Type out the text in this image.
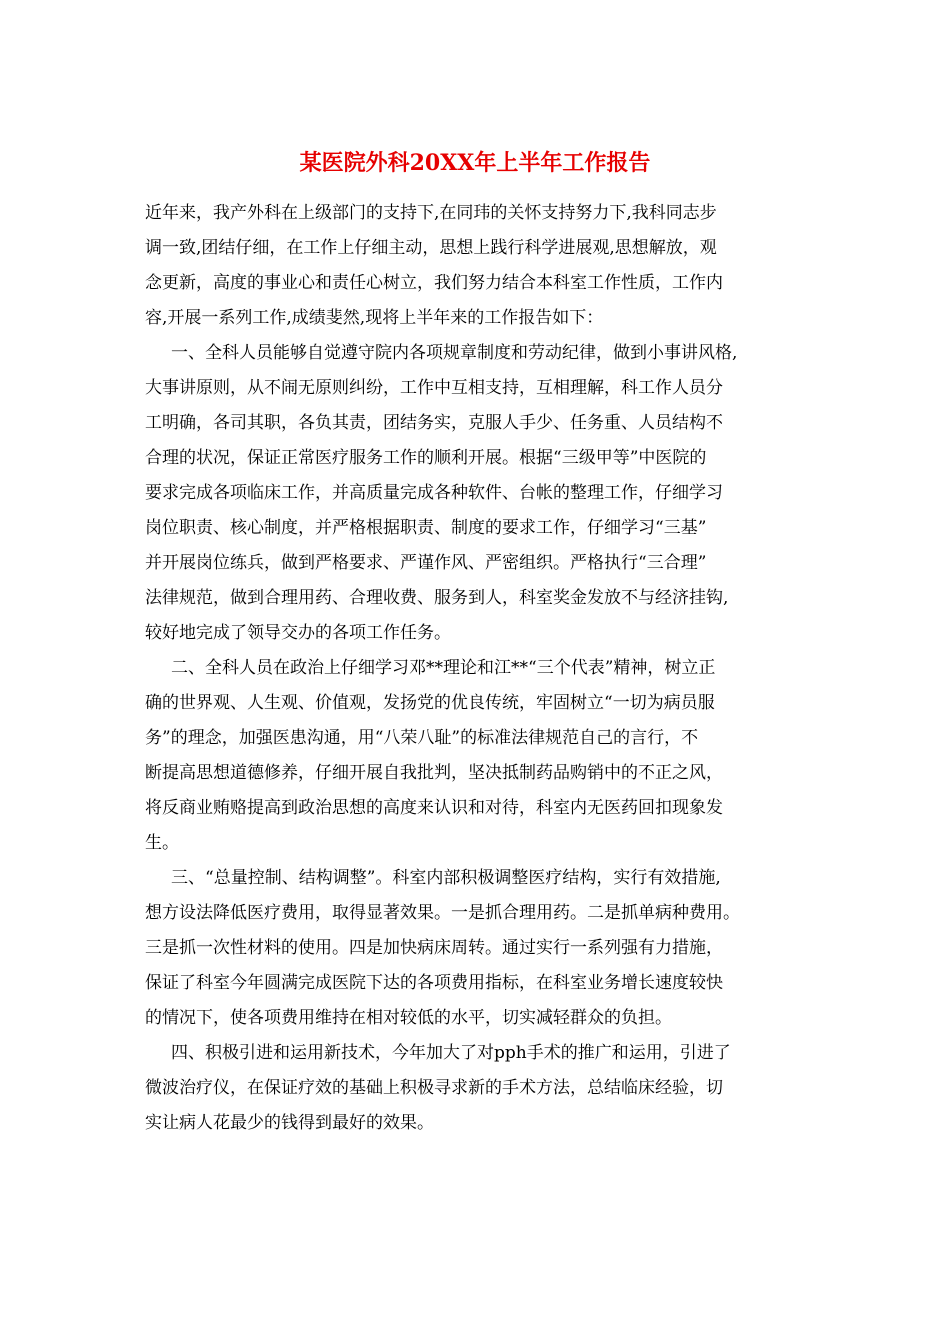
某医院外科20XX年上半年工作报告
近年来，我产外科在上级部门的支持下,在同玮的关怀支持努力下,我科同志步
调一致,团结仔细，在工作上仔细主动，思想上践行科学进展观,思想解放，观
念更新，高度的事业心和责任心树立，我们努力结合本科室工作性质，工作内
容,开展一系列工作,成绩斐然,现将上半年来的工作报告如下：
一、全科人员能够自觉遵守院内各项规章制度和劳动纪律，做到小事讲风格,
大事讲原则，从不闹无原则纠纷，工作中互相支持，互相理解，科工作人员分
工明确，各司其职，各负其责，团结务实，克服人手少、任务重、人员结构不
合理的状况，保证正常医疗服务工作的顺利开展。根据“三级甲等”中医院的
要求完成各项临床工作，并高质量完成各种软件、台帐的整理工作，仔细学习
岗位职责、核心制度，并严格根据职责、制度的要求工作，仔细学习“三基”
并开展岗位练兵，做到严格要求、严谨作风、严密组织。严格执行“三合理”
法律规范，做到合理用药、合理收费、服务到人，科室奖金发放不与经济挂钩,
较好地完成了领导交办的各项工作任务。
二、全科人员在政治上仔细学习邓**理论和江**“三个代表”精神，树立正
确的世界观、人生观、价值观，发扬党的优良传统，牢固树立“一切为病员服
务”的理念，加强医患沟通，用“八荣八耻”的标准法律规范自己的言行，不
断提高思想道德修养，仔细开展自我批判，坚决抵制药品购销中的不正之风，
将反商业贿赂提高到政治思想的高度来认识和对待，科室内无医药回扣现象发
生。
三、“总量控制、结构调整”。科室内部积极调整医疗结构，实行有效措施,
想方设法降低医疗费用，取得显著效果。一是抓合理用药。二是抓单病种费用。
三是抓一次性材料的使用。四是加快病床周转。通过实行一系列强有力措施，
保证了科室今年圆满完成医院下达的各项费用指标，在科室业务增长速度较快
的情况下，使各项费用维持在相对较低的水平，切实减轻群众的负担。
四、积极引进和运用新技术，今年加大了对pph手术的推广和运用，引进了
微波治疗仪，在保证疗效的基础上积极寻求新的手术方法，总结临床经验，切
实让病人花最少的钱得到最好的效果。
